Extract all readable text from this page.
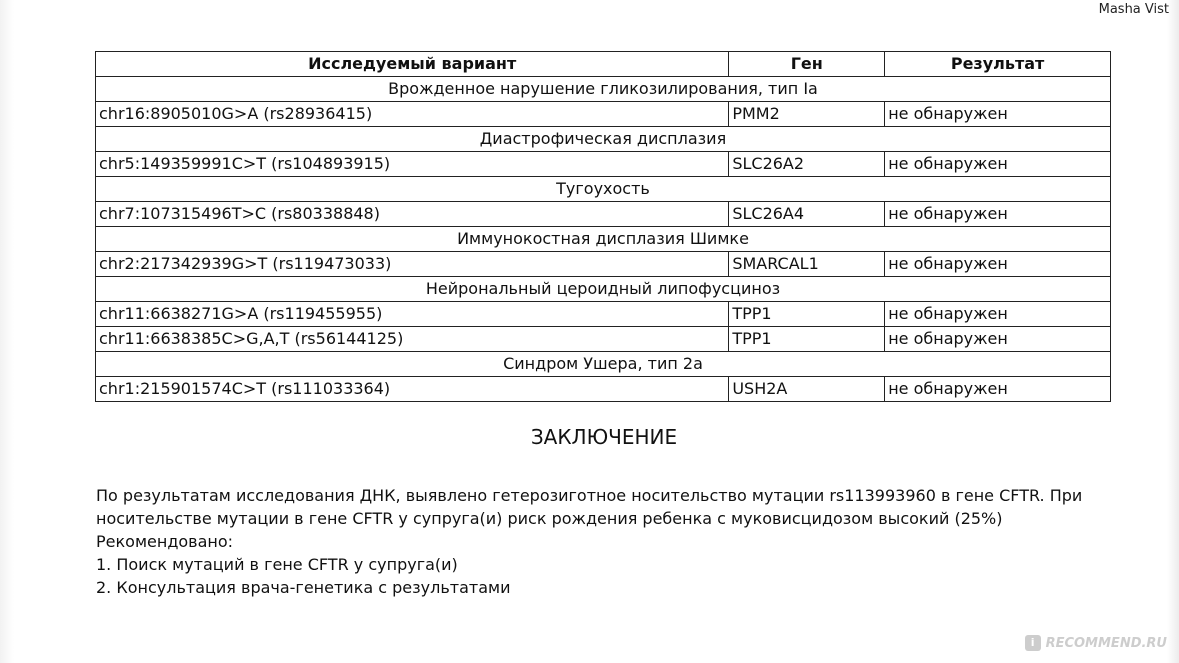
Masha Vist
Исследуемый вариант	Ген	Результат
Врожденное нарушение гликозилирования, тип Ia		
chr16:8905010G>A (rs28936415)	PMM2	не обнаружен
Диастрофическая дисплазия		
chr5:149359991C>T (rs104893915)	SLC26A2	не обнаружен
Тугоухость		
chr7:107315496T>C (rs80338848)	SLC26A4	не обнаружен
Иммунокостная дисплазия Шимке		
chr2:217342939G>T (rs119473033)	SMARCAL1	не обнаружен
Нейрональный цероидный липофусциноз		
chr11:6638271G>A (rs119455955)	TPP1	не обнаружен
chr11:6638385C>G,A,T (rs56144125)	TPP1	не обнаружен
Синдром Ушера, тип 2a		
chr1:215901574C>T (rs111033364)	USH2A	не обнаружен
ЗАКЛЮЧЕНИЕ

По результатам исследования ДНК, выявлено гетерозиготное носительство мутации rs113993960 в гене CFTR. При носительстве мутации в гене CFTR у супруга(и) риск рождения ребенка с муковисцидозом высокий (25%)

Рекомендовано:

1. Поиск мутаций в гене CFTR у супруга(и)

2. Консультация врача-генетика с результатами

i RECOMMEND.RU
